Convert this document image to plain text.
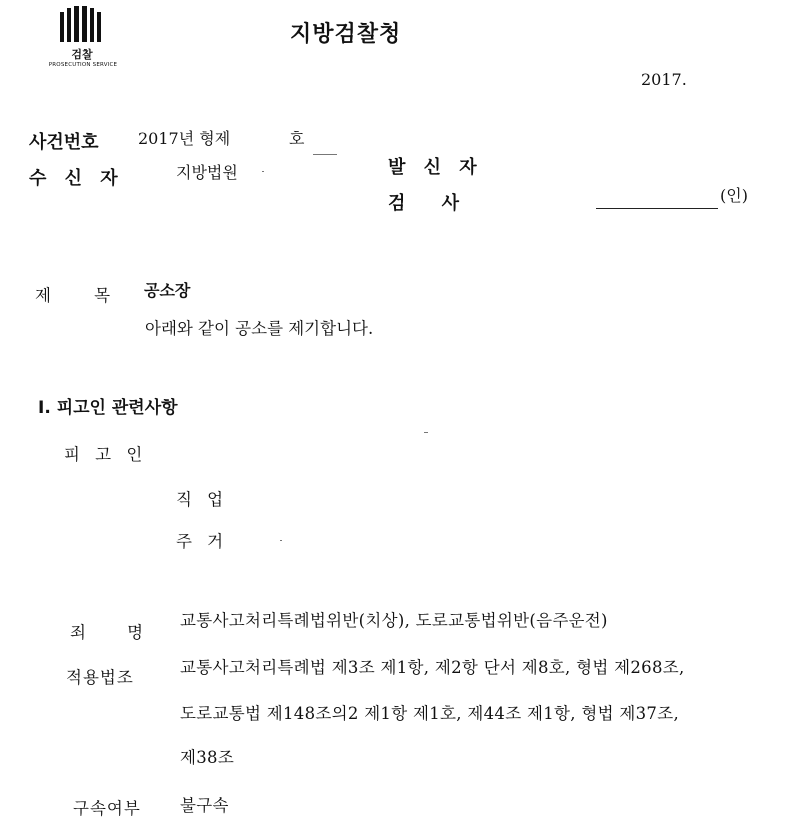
검찰
PROSECUTION SERVICE
지방검찰청
2017.
사건번호 2017년 형제	호
수 신 자	지방법원	발 신 자
검 사	(인)
제 목 공소장
아래와 같이 공소를 제기합니다.
Ⅰ. 피고인 관련사항
피 고 인
직 업
주 거
죄 명
교통사고처리특례법위반(치상), 도로교통법위반(음주운전)
적용법조
교통사고처리특례법 제3조 제1항, 제2항 단서 제8호, 형법 제268조,
도로교통법 제148조의2 제1항 제1호, 제44조 제1항, 형법 제37조,
제38조
구속여부 불구속
